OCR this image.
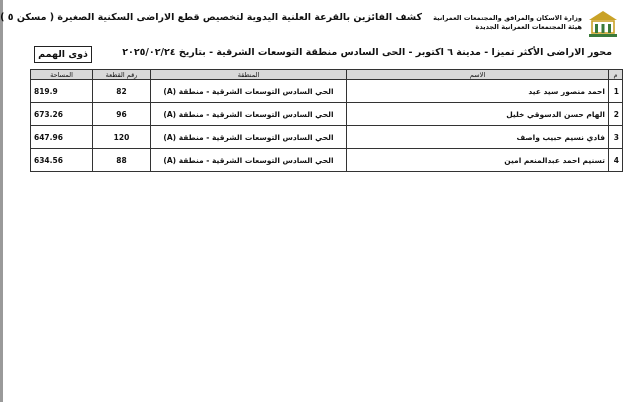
وزارة الاسكان والمرافق والمجتمعات العمرانية
هيئة المجتمعات العمرانية الجديدة
كشف الفائزين بالقرعة العلنية اليدوية لتخصيص قطع الاراضى السكنية الصغيرة ( مسكن ٥ )
ذوى الهمم	محور الاراضى الأكثر تميزا - مدينة ٦ اكتوبر - الحى السادس منطقة التوسعات الشرقية - بتاريخ ٢٠٢٥/٠٢/٢٤
م	الاسم	المنطقة	رقم القطعة	المساحة
1	احمد منصور سيد عيد	الحي السادس التوسعات الشرقية - منطقة (A)	82	819.9
2	الهام حسن الدسوقي خليل	الحي السادس التوسعات الشرقية - منطقة (A)	96	673.26
3	فادي نسيم حبيب واصف	الحي السادس التوسعات الشرقية - منطقة (A)	120	647.96
4	تسنيم احمد عبدالمنعم امين	الحي السادس التوسعات الشرقية - منطقة (A)	88	634.56
